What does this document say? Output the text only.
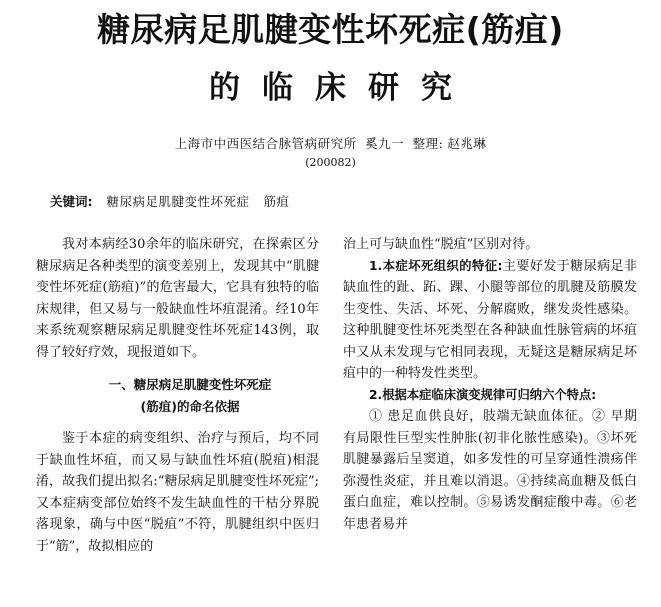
糖尿病足肌腱变性坏死症(筋疽)
的临床研究
上海市中西医结合脉管病研究所 奚九一 整理: 赵兆琳
(200082)
关键词: 糖尿病足肌腱变性坏死症 筋疽

我对本病经30余年的临床研究，在探索区分糖尿病足各种类型的演变差别上，发现其中“肌腱变性坏死症(筋疽)”的危害最大，它具有独特的临床规律，但又易与一般缺血性坏疽混淆。经10年来系统观察糖尿病足肌腱变性坏死症143例，取得了较好疗效，现报道如下。

一、糖尿病足肌腱变性坏死症

(筋疽)的命名依据

鉴于本症的病变组织、治疗与预后，均不同于缺血性坏疽，而又易与缺血性坏疽(脱疽)相混淆，故我们提出拟名:“糖尿病足肌腱变性坏死症”;又本症病变部位始终不发生缺血性的干枯分界脱落现象，确与中医“脱疽”不符，肌腱组织中医归于“筋”，故拟相应的

治上可与缺血性“脱疽”区别对待。

1.本症坏死组织的特征:主要好发于糖尿病足非缺血性的趾、跖、踝、小腿等部位的肌腱及筋膜发生变性、失活、坏死、分解腐败，继发炎性感染。这种肌腱变性坏死类型在各种缺血性脉管病的坏疽中又从未发现与它相同表现，无疑这是糖尿病足坏疽中的一种特发性类型。

2.根据本症临床演变规律可归纳六个特点:

① 患足血供良好，肢端无缺血体征。② 早期有局限性巨型实性肿胀(初非化脓性感染)。③坏死肌腱暴露后呈窦道，如多发性的可呈穿通性溃疡伴弥漫性炎症，并且难以消退。④持续高血糖及低白蛋白血症，难以控制。⑤易诱发酮症酸中毒。⑥老年患者易并
